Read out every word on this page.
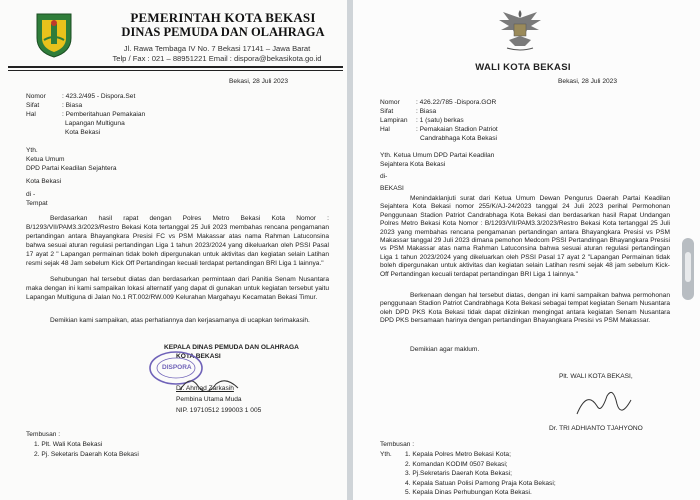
PEMERINTAH KOTA BEKASI
DINAS PEMUDA DAN OLAHRAGA
Jl. Rawa Tembaga IV No. 7 Bekasi 17141 – Jawa Barat
Telp / Fax : 021 – 88951221 Email : dispora@bekasikota.go.id
Bekasi, 28 Juli 2023
Nomor : 423.2/495 - Dispora.Set
Sifat	: Biasa
Hal	: Pemberitahuan Pemakaian
Lapangan Multiguna
Kota Bekasi
Yth.
Ketua Umum
DPD Partai Keadilan Sejahtera
Kota Bekasi
di -
Tempat
Berdasarkan hasil rapat dengan Polres Metro Bekasi Kota Nomor : B/1293/VII/PAM3.3/2023/Restro Bekasi Kota tertanggal 25 Juli 2023 membahas rencana pengamanan pertandingan antara Bhayangkara Presisi FC vs PSM Makassar atas nama Rahman Latuconsina bahwa sesuai aturan regulasi pertandingan Liga 1 tahun 2023/2024 yang dikeluarkan oleh PSSI Pasal 17 ayat 2 " Lapangan permainan tidak boleh dipergunakan untuk aktivitas dan kegiatan selain Latihan resmi sejak 48 Jam sebelum Kick Off Pertandingan kecuali terdapat pertandingan BRI Liga 1 lainnya."
Sehubungan hal tersebut diatas dan berdasarkan permintaan dari Panitia Senam Nusantara maka dengan ini kami sampaikan lokasi alternatif yang dapat di gunakan untuk kegiatan tersebut yaitu Lapangan Multiguna di Jalan No.1 RT.002/RW.009 Kelurahan Margahayu Kecamatan Bekasi Timur.
Demikian kami sampaikan, atas perhatiannya dan kerjasamanya di ucapkan terimakasih.
KEPALA DINAS PEMUDA DAN OLAHRAGA
KOTA BEKASI
DISPORA
Dr. Ahmad Zarkasih
Pembina Utama Muda
NIP. 19710512 199003 1 005
Tembusan :
1. Plt. Wali Kota Bekasi
2. Pj. Seketaris Daerah Kota Bekasi
WALI KOTA BEKASI
Bekasi, 28 Juli 2023
Nomor : 426.22/785 -Dispora.GOR
Sifat	: Biasa
Lampiran : 1 (satu) berkas
Hal	: Pemakaian Stadion Patriot
Candrabhaga Kota Bekasi
Yth. Ketua Umum DPD Partai Keadilan
Sejahtera Kota Bekasi
di-
BEKASI
Menindaklanjuti surat dari Ketua Umum Dewan Pengurus Daerah Partai Keadilan Sejahtera Kota Bekasi nomor 255/K/AJ-24/2023 tanggal 24 Juli 2023 perihal Permohonan Penggunaan Stadion Patriot Candrabhaga Kota Bekasi dan berdasarkan hasil Rapat Undangan Polres Metro Bekasi Kota Nomor : B/1293/VII/PAM3.3/2023/Restro Bekasi Kota tertanggal 25 Juli 2023 yang membahas rencana pengamanan pertandingan antara Bhayangkara Presisi vs PSM Makassar tanggal 29 Juli 2023 dimana pemohon Medcom PSSI Pertandingan Bhayangkara Presisi vs PSM Makassar atas nama Rahman Latuconsina bahwa sesuai aturan regulasi pertandingan Liga 1 tahun 2023/2024 yang dikeluarkan oleh PSSI Pasal 17 ayat 2 "Lapangan Permainan tidak boleh dipergunakan untuk aktivitas dan kegiatan selain Latihan resmi sejak 48 jam sebelum Kick-Off Pertandingan kecuali terdapat pertandingan BRI Liga 1 lainnya."
Berkenaan dengan hal tersebut diatas, dengan ini kami sampaikan bahwa permohonan penggunaan Stadion Patriot Candrabhaga Kota Bekasi sebagai tempat kegiatan Senam Nusantara oleh DPD PKS Kota Bekasi tidak dapat diizinkan mengingat antara kegiatan Senam Nusantara DPD PKS bersamaan harinya dengan pertandingan Bhayangkara Presisi vs PSM Makassar.
Demikian agar maklum.
Plt. WALI KOTA BEKASI,
Dr. TRI ADHIANTO TJAHYONO
Tembusan :
Yth. 1. Kepala Polres Metro Bekasi Kota;
2. Komandan KODIM 0507 Bekasi;
3. Pj.Sekretaris Daerah Kota Bekasi;
4. Kepala Satuan Polisi Pamong Praja Kota Bekasi;
5. Kepala Dinas Perhubungan Kota Bekasi.
